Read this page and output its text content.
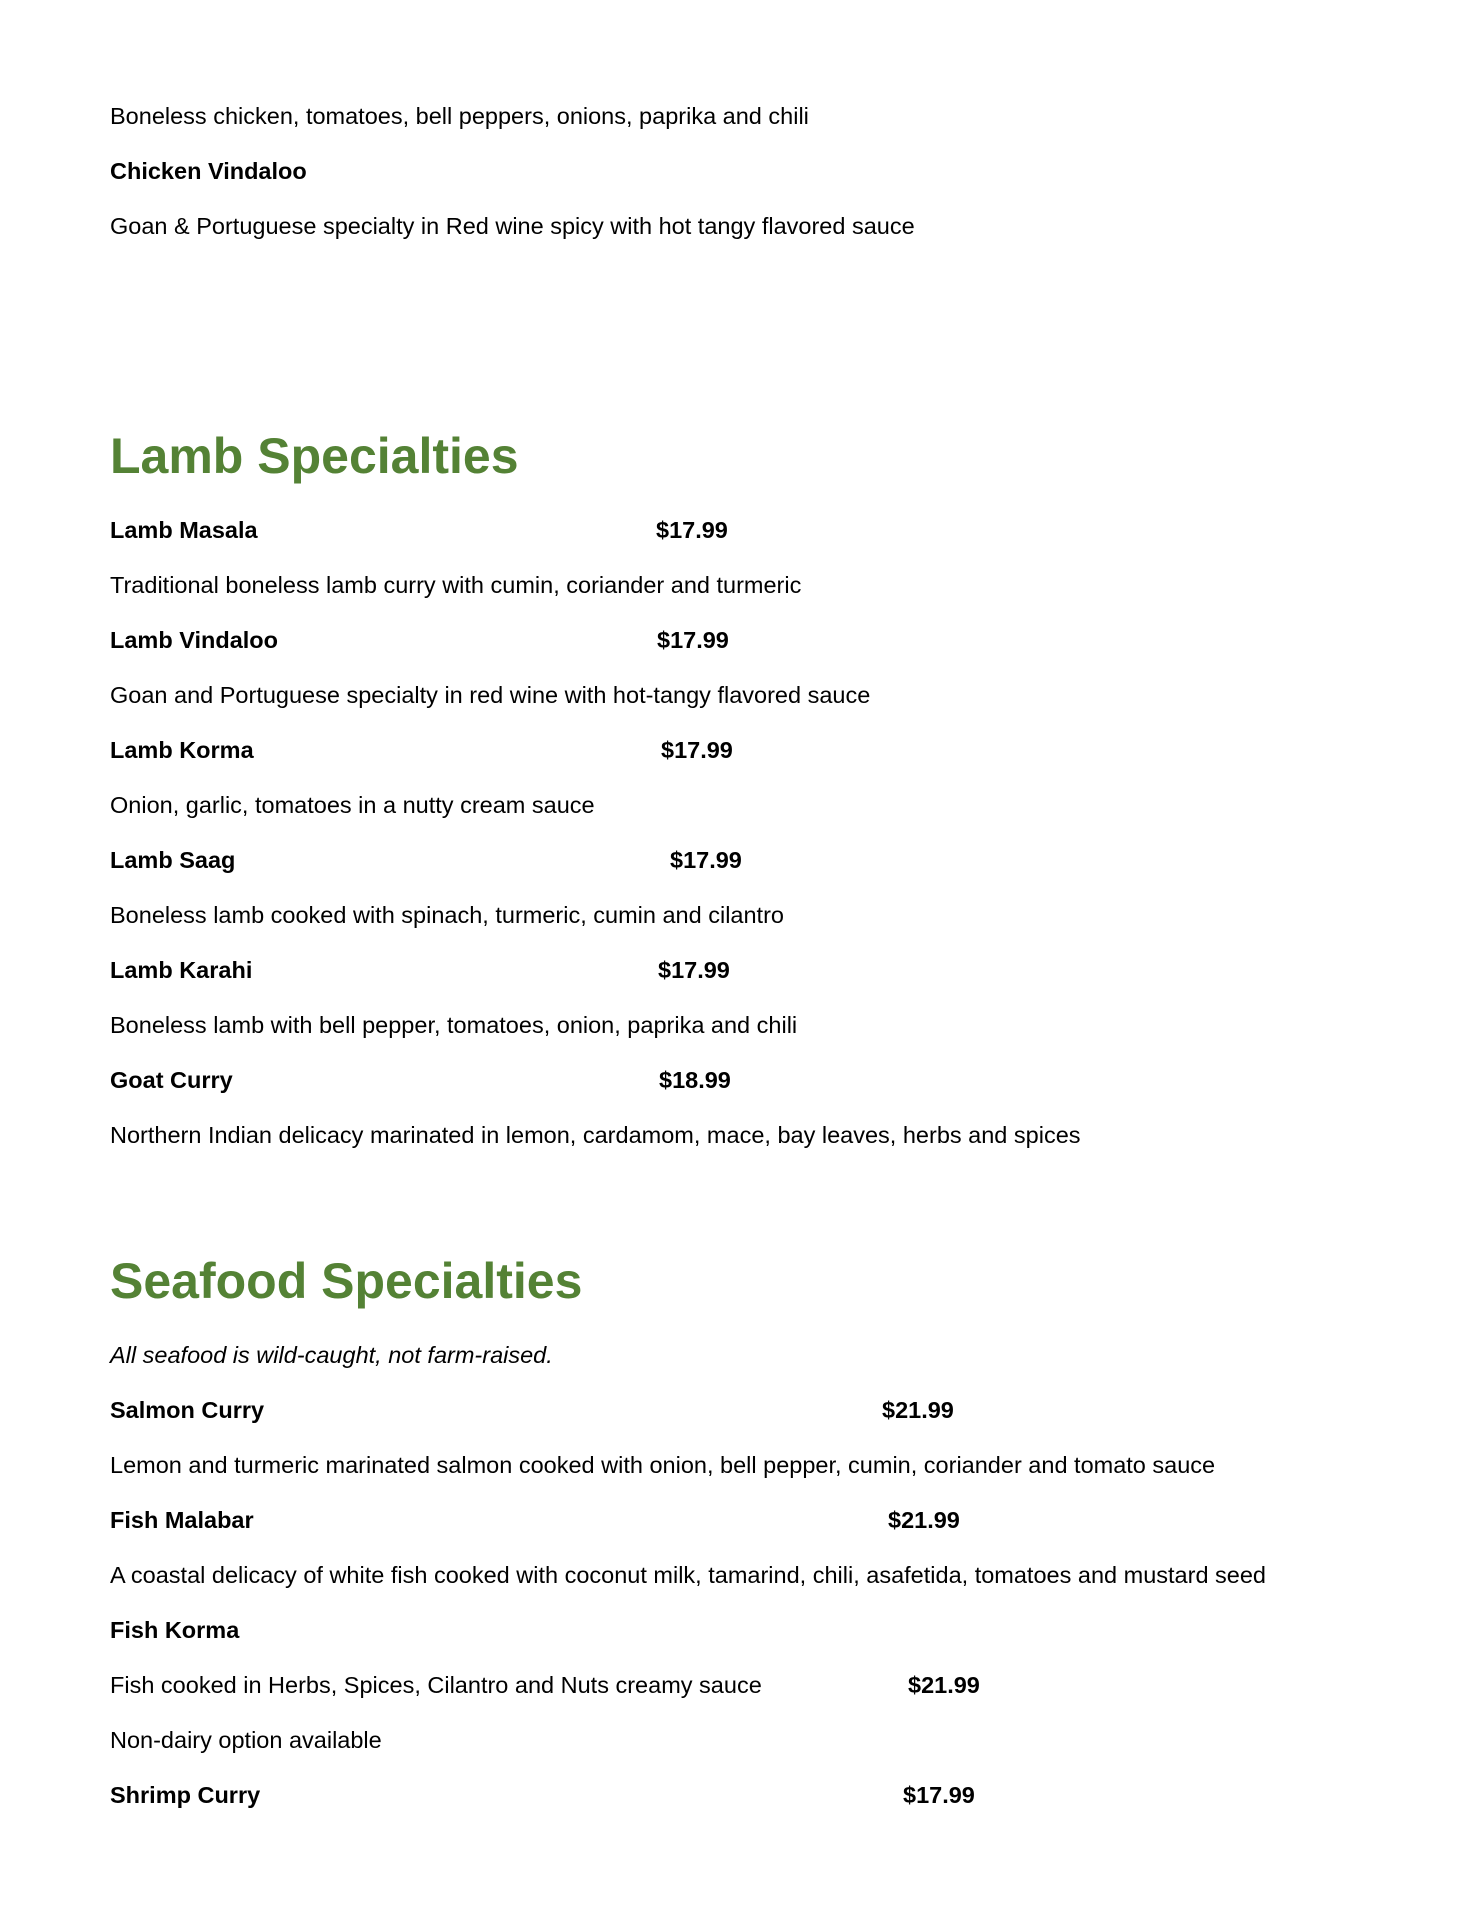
Boneless chicken, tomatoes, bell peppers, onions, paprika and chili
Chicken Vindaloo
Goan & Portuguese specialty in Red wine spicy with hot tangy flavored sauce
Lamb Specialties
Lamb Masala	$17.99
Traditional boneless lamb curry with cumin, coriander and turmeric
Lamb Vindaloo	$17.99
Goan and Portuguese specialty in red wine with hot-tangy flavored sauce
Lamb Korma	$17.99
Onion, garlic, tomatoes in a nutty cream sauce
Lamb Saag	$17.99
Boneless lamb cooked with spinach, turmeric, cumin and cilantro
Lamb Karahi	$17.99
Boneless lamb with bell pepper, tomatoes, onion, paprika and chili
Goat Curry	$18.99
Northern Indian delicacy marinated in lemon, cardamom, mace, bay leaves, herbs and spices
Seafood Specialties
All seafood is wild-caught, not farm-raised.
Salmon Curry	$21.99
Lemon and turmeric marinated salmon cooked with onion, bell pepper, cumin, coriander and tomato sauce
Fish Malabar	$21.99
A coastal delicacy of white fish cooked with coconut milk, tamarind, chili, asafetida, tomatoes and mustard seed
Fish Korma
Fish cooked in Herbs, Spices, Cilantro and Nuts creamy sauce	$21.99
Non-dairy option available
Shrimp Curry	$17.99
